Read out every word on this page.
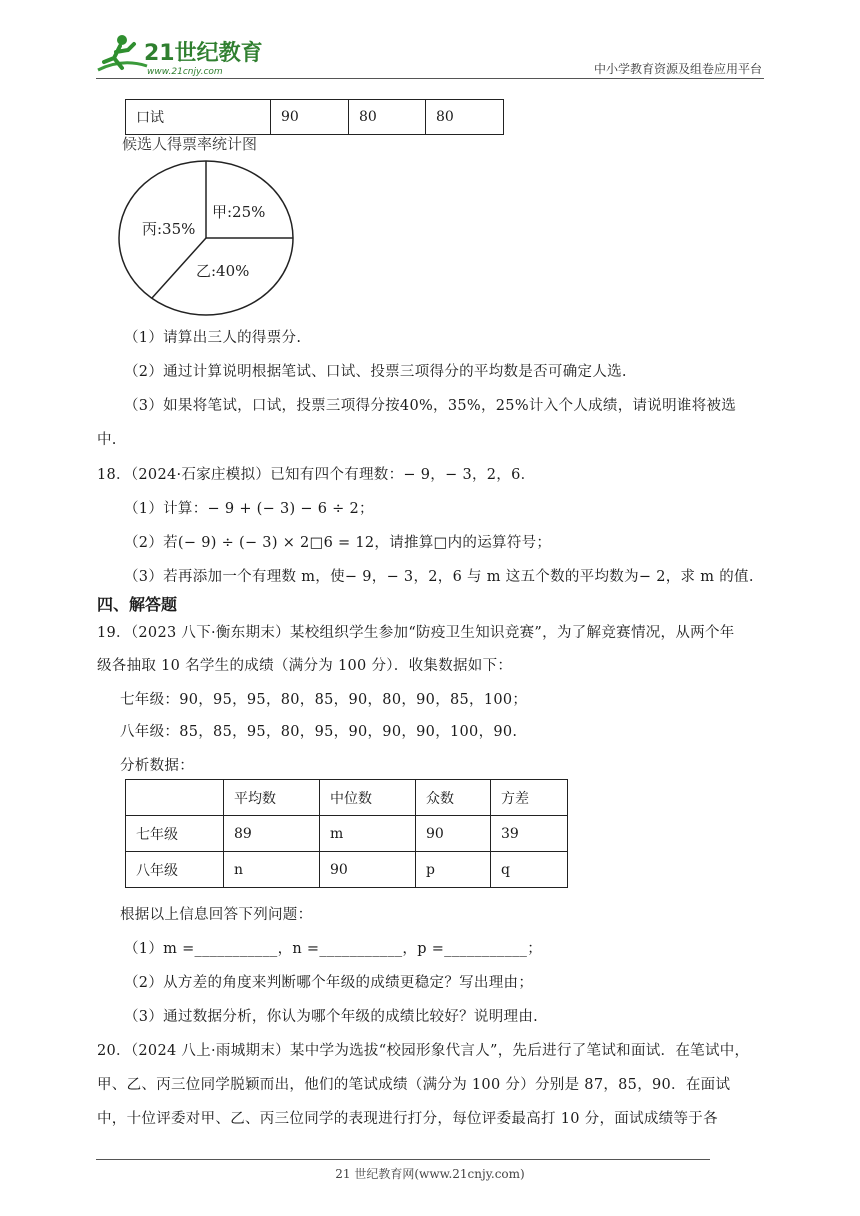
21世纪教育
www.21cnjy.com	中小学教育资源及组卷应用平台
口试	90	80	80
候选人得票率统计图
甲:25%
乙:40%
丙:35%
（1）请算出三人的得票分.
（2）通过计算说明根据笔试、口试、投票三项得分的平均数是否可确定人选.
（3）如果将笔试，口试，投票三项得分按40%，35%，25%计入个人成绩，请说明谁将被选
中.
18．（2024·石家庄模拟）已知有四个有理数：− 9，− 3，2，6．
（1）计算：− 9 + (− 3) − 6 ÷ 2；
（2）若(− 9) ÷ (− 3) × 2□6 = 12，请推算□内的运算符号；
（3）若再添加一个有理数 m，使− 9，− 3，2，6 与 m 这五个数的平均数为− 2，求 m 的值.
四、解答题
19．（2023 八下·衡东期末）某校组织学生参加“防疫卫生知识竞赛”，为了解竞赛情况，从两个年
级各抽取 10 名学生的成绩（满分为 100 分）．收集数据如下：
七年级：90，95，95，80，85，90，80，90，85，100；
八年级：85，85，95，80，95，90，90，90，100，90.
分析数据：
	平均数	中位数	众数	方差
七年级	89	m	90	39
八年级	n	90	p	q
根据以上信息回答下列问题：
（1）m =___________，n =___________，p =___________；
（2）从方差的角度来判断哪个年级的成绩更稳定？写出理由；
（3）通过数据分析，你认为哪个年级的成绩比较好？说明理由.
20．（2024 八上·雨城期末）某中学为选拔“校园形象代言人”，先后进行了笔试和面试．在笔试中，
甲、乙、丙三位同学脱颖而出，他们的笔试成绩（满分为 100 分）分别是 87，85，90．在面试
中，十位评委对甲、乙、丙三位同学的表现进行打分，每位评委最高打 10 分，面试成绩等于各
21 世纪教育网(www.21cnjy.com)
